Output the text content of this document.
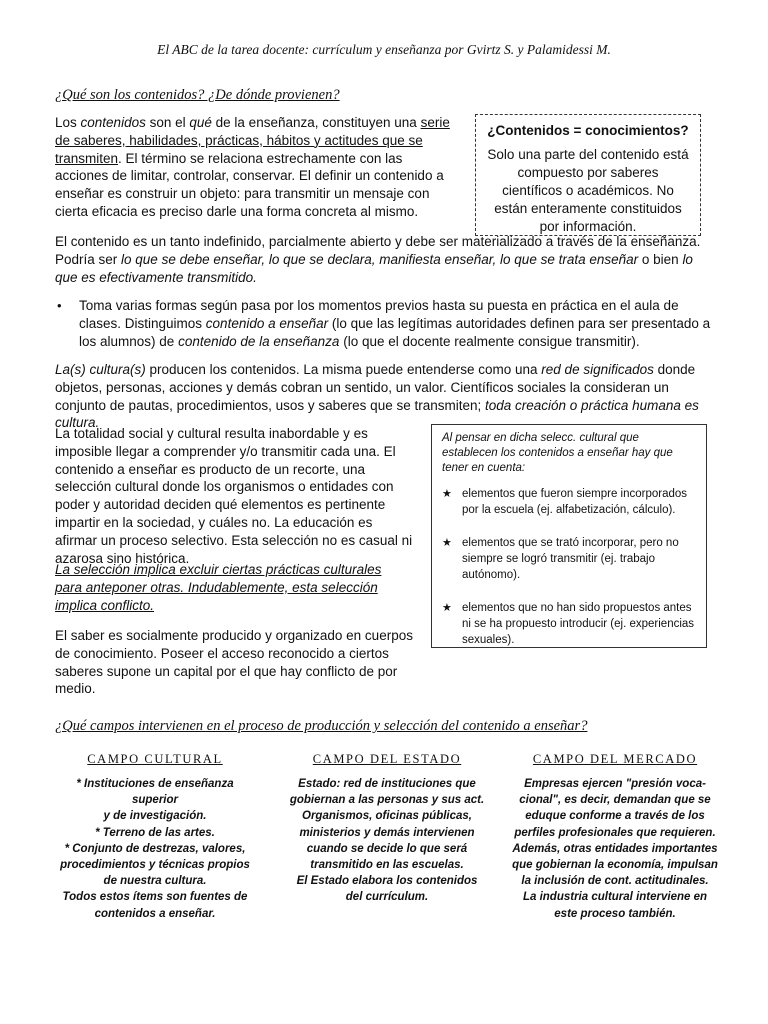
El ABC de la tarea docente: currículum y enseñanza por Gvirtz S. y Palamidessi M.
¿Qué son los contenidos? ¿De dónde provienen?
Los contenidos son el qué de la enseñanza, constituyen una serie de saberes, habilidades, prácticas, hábitos y actitudes que se transmiten. El término se relaciona estrechamente con las acciones de limitar, controlar, conservar. El definir un contenido a enseñar es construir un objeto: para transmitir un mensaje con cierta eficacia es preciso darle una forma concreta al mismo.
¿Contenidos = conocimientos?
Solo una parte del contenido está compuesto por saberes científicos o académicos. No están enteramente constituidos por información.
El contenido es un tanto indefinido, parcialmente abierto y debe ser materializado a través de la enseñanza. Podría ser lo que se debe enseñar, lo que se declara, manifiesta enseñar, lo que se trata enseñar o bien lo que es efectivamente transmitido.
•	Toma varias formas según pasa por los momentos previos hasta su puesta en práctica en el aula de clases. Distinguimos contenido a enseñar (lo que las legítimas autoridades definen para ser presentado a los alumnos) de contenido de la enseñanza (lo que el docente realmente consigue transmitir).
La(s) cultura(s) producen los contenidos. La misma puede entenderse como una red de significados donde objetos, personas, acciones y demás cobran un sentido, un valor. Científicos sociales la consideran un conjunto de pautas, procedimientos, usos y saberes que se transmiten; toda creación o práctica humana es cultura.
La totalidad social y cultural resulta inabordable y es imposible llegar a comprender y/o transmitir cada una. El contenido a enseñar es producto de un recorte, una selección cultural donde los organismos o entidades con poder y autoridad deciden qué elementos es pertinente impartir en la sociedad, y cuáles no. La educación es afirmar un proceso selectivo. Esta selección no es casual ni azarosa sino histórica.
La selección implica excluir ciertas prácticas culturales para anteponer otras. Indudablemente, esta selección implica conflicto.
El saber es socialmente producido y organizado en cuerpos de conocimiento. Poseer el acceso reconocido a ciertos saberes supone un capital por el que hay conflicto de por medio.
Al pensar en dicha selecc. cultural que establecen los contenidos a enseñar hay que tener en cuenta:
★ elementos que fueron siempre incorporados por la escuela (ej. alfabetización, cálculo).
★ elementos que se trató incorporar, pero no siempre se logró transmitir (ej. trabajo autónomo).
★ elementos que no han sido propuestos antes ni se ha propuesto introducir (ej. experiencias sexuales).
¿Qué campos intervienen en el proceso de producción y selección del contenido a enseñar?
CAMPO CULTURAL
* Instituciones de enseñanza superior
y de investigación.
* Terreno de las artes.
* Conjunto de destrezas, valores,
procedimientos y técnicas propios
de nuestra cultura.
Todos estos ítems son fuentes de
contenidos a enseñar.
CAMPO DEL ESTADO
Estado: red de instituciones que
gobiernan a las personas y sus act.
Organismos, oficinas públicas,
ministerios y demás intervienen
cuando se decide lo que será
transmitido en las escuelas.
El Estado elabora los contenidos
del currículum.
CAMPO DEL MERCADO
Empresas ejercen "presión voca-
cional", es decir, demandan que se
eduque conforme a través de los
perfiles profesionales que requieren.
Además, otras entidades importantes
que gobiernan la economía, impulsan
la inclusión de cont. actitudinales.
La industria cultural interviene en
este proceso también.
